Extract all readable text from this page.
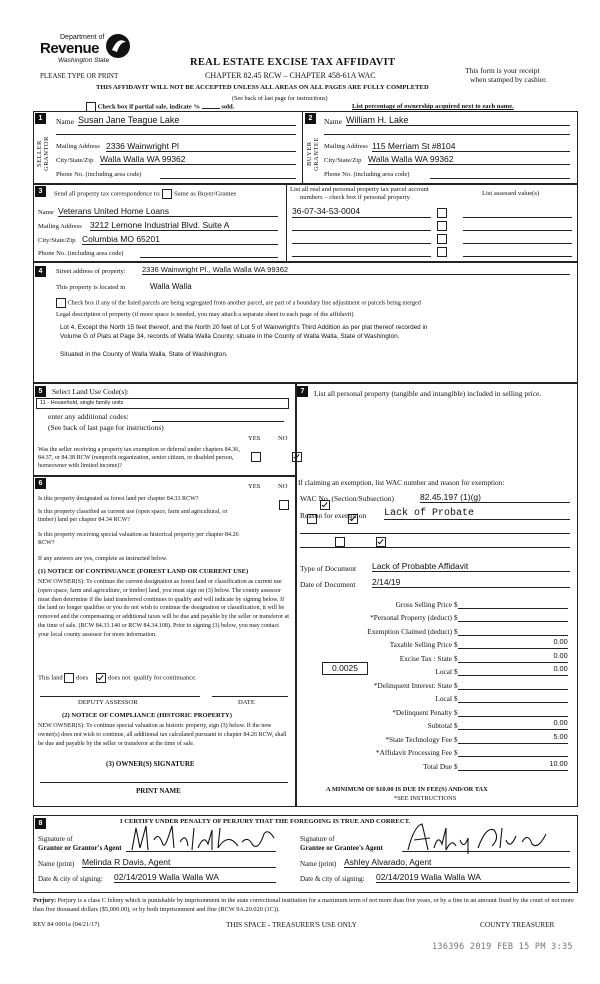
Department of
Revenue
Washington State
PLEASE TYPE OR PRINT
REAL ESTATE EXCISE TAX AFFIDAVIT
CHAPTER 82.45 RCW – CHAPTER 458-61A WAC
This form is your receipt
when stamped by cashier.
THIS AFFIDAVIT WILL NOT BE ACCEPTED UNLESS ALL AREAS ON ALL PAGES ARE FULLY COMPLETED
(See back of last page for instructions)
Check box if partial sale, indicate %	sold.	List percentage of ownership acquired next to each name.
1
SELLER GRANTOR
Name Susan Jane Teague Lake
Mailing Address 2336 Wainwright Pl
City/State/Zip Walla Walla WA 99362
Phone No. (including area code)
2
BUYER GRANTEE
Name William H. Lake
Mailing Address 115 Merriam St #8104
City/State/Zip Walla Walla WA 99362
Phone No. (including area code)
3	Send all property tax correspondence to: Same as Buyer/Grantee
List all real and personal property tax parcel account
numbers – check box if personal property
List assessed value(s)
Name Veterans United Home Loans
Mailing Address 3212 Lemone Industrial Blvd. Suite A
City/State/Zip Columbia MO 65201
Phone No. (including area code)
36-07-34-53-0004
4	Street address of property: 2336 Wainwright Pl., Walla Walla WA 99362
This property is located in	Walla Walla
Check box if any of the listed parcels are being segregated from another parcel, are part of a boundary line adjustment or parcels being merged
Legal description of property (if more space is needed, you may attach a separate sheet to each page of the affidavit)
Lot 4, Except the North 15 feet thereof, and the North 20 feet of Lot 5 of Wainwright's Third Addition as per plat thereof recorded in
Volume G of Plats at Page 34, records of Walla Walla County; situate in the County of Walla Walla, State of Washington.
Situated in the County of Walla Walla, State of Washington.
5	Select Land Use Code(s):
11 - Household, single family units
enter any additional codes:
(See back of last page for instructions)
YES	NO
Was the seller receiving a property tax exemption or deferral under chapters 84.36, 84.37, or 84.38 RCW (nonprofit organization, senior citizen, or disabled person, homeowner with limited income)?

6	YES	NO
Is this property designated as forest land per chapter 84.33 RCW?

Is this property classified as current use (open space, farm and agricultural, or timber) land per chapter 84.34 RCW?

Is this property receiving special valuation as historical property per chapter 84.26 RCW?

If any answers are yes, complete as instructed below.
(1) NOTICE OF CONTINUANCE (FOREST LAND OR CURRENT USE)
NEW OWNER(S): To continue the current designation as forest land or classification as current use (open space, farm and agriculture, or timber) land, you must sign on (3) below. The county assessor must then determine if the land transferred continues to qualify and will indicate by signing below. If the land no longer qualifies or you do not wish to continue the designation or classification, it will be removed and the compensating or additional taxes will be due and payable by the seller or transferor at the time of sale. (RCW 84.33.140 or RCW 84.34.108). Prior to signing (3) below, you may contact your local county assessor for more information.
This land does	does not qualify for continuance.
DEPUTY ASSESSOR	DATE
(2) NOTICE OF COMPLIANCE (HISTORIC PROPERTY)
NEW OWNER(S): To continue special valuation as historic property, sign (3) below. If the new owner(s) does not wish to continue, all additional tax calculated pursuant to chapter 84.26 RCW, shall be due and payable by the seller or transferor at the time of sale.
(3) OWNER(S) SIGNATURE
PRINT NAME
7	List all personal property (tangible and intangible) included in selling price.
If claiming an exemption, list WAC number and reason for exemption:
WAC No. (Section/Subsection)	82.45.197 (1)(g)
Reason for exemption Lack of Probate
Type of Document Lack of Probabte Affidavit
Date of Document 2/14/19
0.0025
Gross Selling Price $
*Personal Property (deduct) $
Exemption Claimed (deduct) $
Taxable Selling Price $	0.00
Excise Tax : State $	0.00
Local $	0.00
*Delinquent Interest: State $
Local $
*Delinquent Penalty $
Subtotal $	0.00
*State Technology Fee $	5.00
*Affidavit Processing Fee $
Total Due $	10.00
A MINIMUM OF $10.00 IS DUE IN FEE(S) AND/OR TAX
*SEE INSTRUCTIONS
8	I CERTIFY UNDER PENALTY OF PERJURY THAT THE FOREGOING IS TRUE AND CORRECT.
Signature of
Grantor or Grantor's Agent
Name (print) Melinda R Davis, Agent
Date & city of signing: 02/14/2019 Walla Walla WA
Signature of
Grantee or Grantee's Agent
Name (print) Ashley Alvarado, Agent
Date & city of signing: 02/14/2019 Walla Walla WA
Perjury: Perjury is a class C felony which is punishable by imprisonment in the state correctional institution for a maximum term of not more than five years, or by a fine in an amount fixed by the court of not more than five thousand dollars ($5,000.00), or by both imprisonment and fine (RCW 9A.20.020 (1C)).
REV 84 0001a (04/21/17)	THIS SPACE - TREASURER'S USE ONLY	COUNTY TREASURER
136396 2019 FEB 15 PM 3:35
